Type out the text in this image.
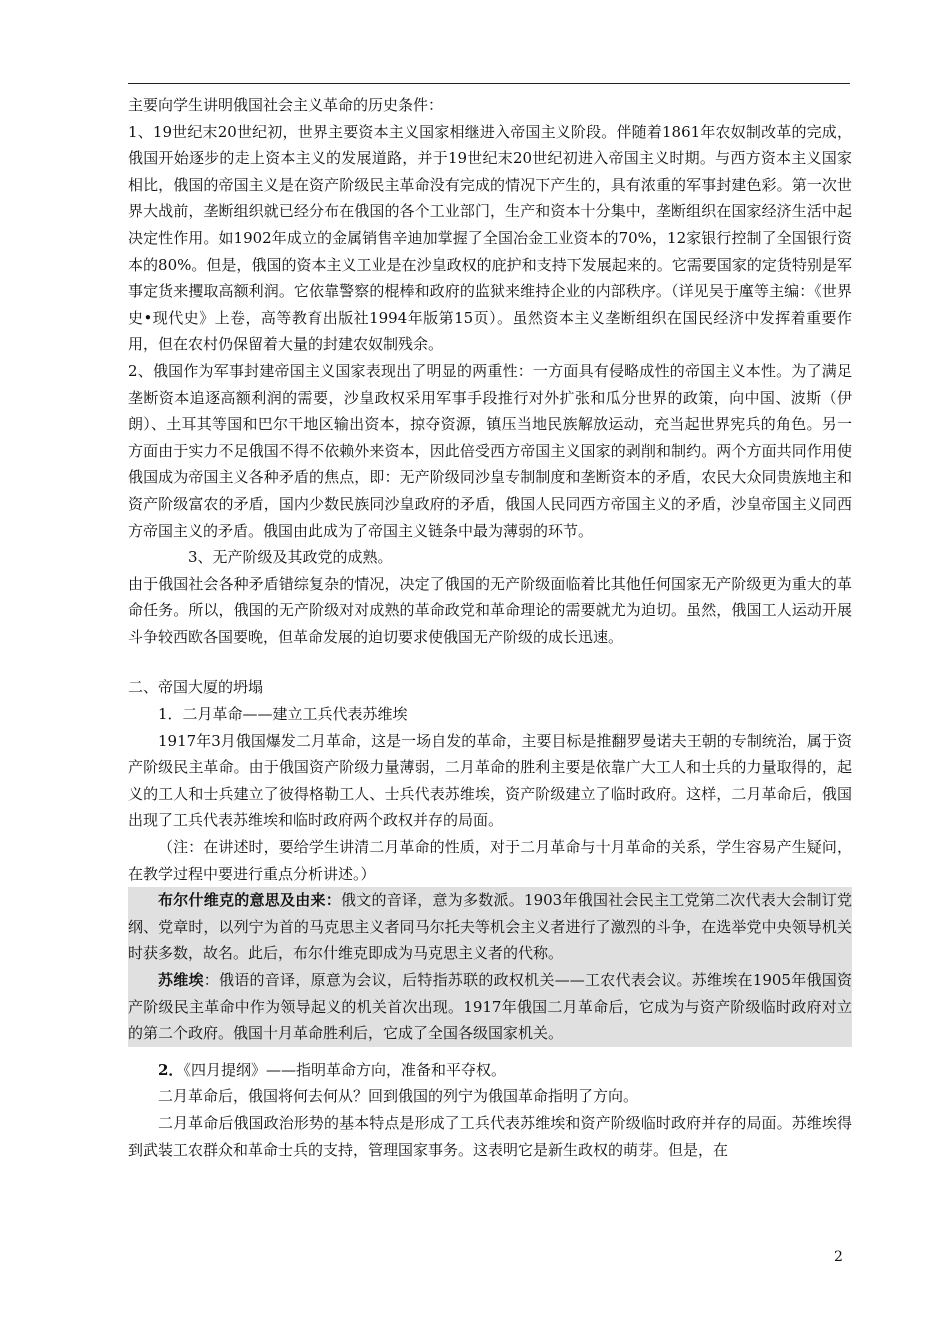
主要向学生讲明俄国社会主义革命的历史条件：

1、19世纪末20世纪初，世界主要资本主义国家相继进入帝国主义阶段。伴随着1861年农奴制改革的完成，俄国开始逐步的走上资本主义的发展道路，并于19世纪末20世纪初进入帝国主义时期。与西方资本主义国家相比，俄国的帝国主义是在资产阶级民主革命没有完成的情况下产生的，具有浓重的军事封建色彩。第一次世界大战前，垄断组织就已经分布在俄国的各个工业部门，生产和资本十分集中，垄断组织在国家经济生活中起决定性作用。如1902年成立的金属销售辛迪加掌握了全国冶金工业资本的70%，12家银行控制了全国银行资本的80%。但是，俄国的资本主义工业是在沙皇政权的庇护和支持下发展起来的。它需要国家的定货特别是军事定货来攫取高额利润。它依靠警察的棍棒和政府的监狱来维持企业的内部秩序。（详见吴于廑等主编：《世界史•现代史》上卷，高等教育出版社1994年版第15页）。虽然资本主义垄断组织在国民经济中发挥着重要作用，但在农村仍保留着大量的封建农奴制残余。

2、俄国作为军事封建帝国主义国家表现出了明显的两重性：一方面具有侵略成性的帝国主义本性。为了满足垄断资本追逐高额利润的需要，沙皇政权采用军事手段推行对外扩张和瓜分世界的政策，向中国、波斯（伊朗）、土耳其等国和巴尔干地区输出资本，掠夺资源，镇压当地民族解放运动，充当起世界宪兵的角色。另一方面由于实力不足俄国不得不依赖外来资本，因此倍受西方帝国主义国家的剥削和制约。两个方面共同作用使俄国成为帝国主义各种矛盾的焦点，即：无产阶级同沙皇专制制度和垄断资本的矛盾，农民大众同贵族地主和资产阶级富农的矛盾，国内少数民族同沙皇政府的矛盾，俄国人民同西方帝国主义的矛盾，沙皇帝国主义同西方帝国主义的矛盾。俄国由此成为了帝国主义链条中最为薄弱的环节。

3、无产阶级及其政党的成熟。

由于俄国社会各种矛盾错综复杂的情况，决定了俄国的无产阶级面临着比其他任何国家无产阶级更为重大的革命任务。所以，俄国的无产阶级对对成熟的革命政党和革命理论的需要就尤为迫切。虽然，俄国工人运动开展斗争较西欧各国要晚，但革命发展的迫切要求使俄国无产阶级的成长迅速。

二、帝国大厦的坍塌

1．二月革命——建立工兵代表苏维埃

1917年3月俄国爆发二月革命，这是一场自发的革命，主要目标是推翻罗曼诺夫王朝的专制统治，属于资产阶级民主革命。由于俄国资产阶级力量薄弱，二月革命的胜利主要是依靠广大工人和士兵的力量取得的，起义的工人和士兵建立了彼得格勒工人、士兵代表苏维埃，资产阶级建立了临时政府。这样，二月革命后，俄国出现了工兵代表苏维埃和临时政府两个政权并存的局面。

（注：在讲述时，要给学生讲清二月革命的性质，对于二月革命与十月革命的关系，学生容易产生疑问，在教学过程中要进行重点分析讲述。）

布尔什维克的意思及由来：俄文的音译，意为多数派。1903年俄国社会民主工党第二次代表大会制订党纲、党章时，以列宁为首的马克思主义者同马尔托夫等机会主义者进行了激烈的斗争，在选举党中央领导机关时获多数，故名。此后，布尔什维克即成为马克思主义者的代称。

苏维埃：俄语的音译，原意为会议，后特指苏联的政权机关——工农代表会议。苏维埃在1905年俄国资产阶级民主革命中作为领导起义的机关首次出现。1917年俄国二月革命后，它成为与资产阶级临时政府对立的第二个政府。俄国十月革命胜利后，它成了全国各级国家机关。

2．《四月提纲》——指明革命方向，准备和平夺权。

二月革命后，俄国将何去何从？回到俄国的列宁为俄国革命指明了方向。

二月革命后俄国政治形势的基本特点是形成了工兵代表苏维埃和资产阶级临时政府并存的局面。苏维埃得到武装工农群众和革命士兵的支持，管理国家事务。这表明它是新生政权的萌芽。但是，在

2
